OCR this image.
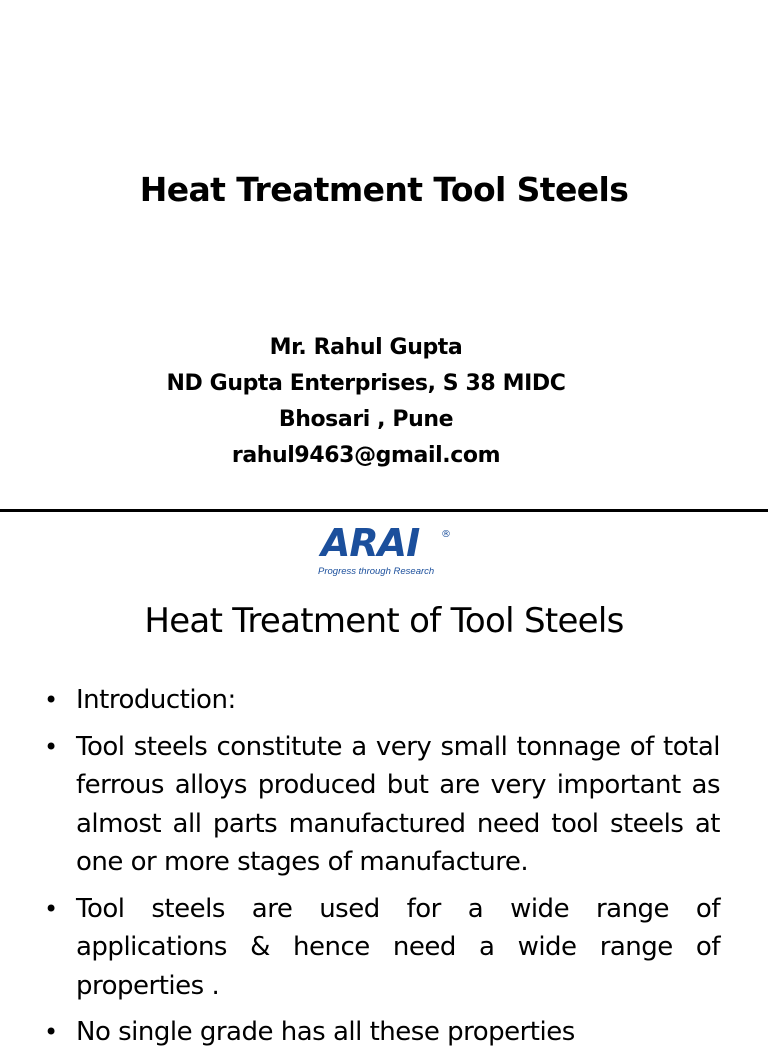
Heat Treatment Tool Steels
Mr. Rahul Gupta
ND Gupta Enterprises, S 38 MIDC
Bhosari , Pune
rahul9463@gmail.com
ARAI ®
Progress through Research
Heat Treatment of Tool Steels
• Introduction:
• Tool steels constitute a very small tonnage of total ferrous alloys produced but are very important as almost all parts manufactured need tool steels at one or more stages of manufacture.
• Tool steels are used for a wide range of applications & hence need a wide range of properties .
• No single grade has all these properties
